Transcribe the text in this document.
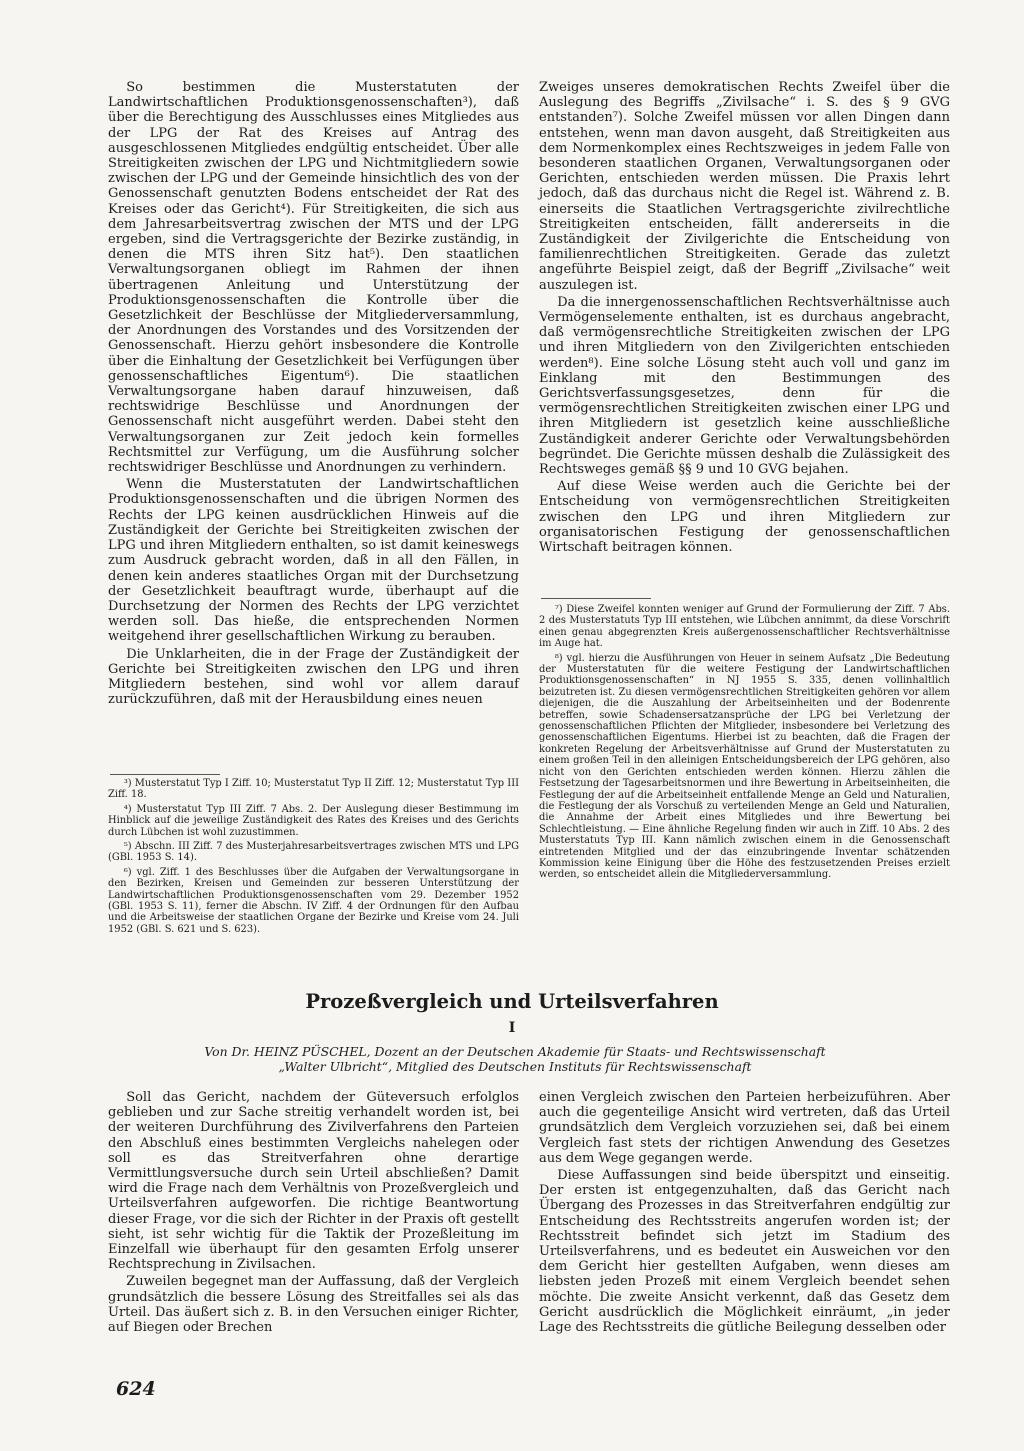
So bestimmen die Musterstatuten der Landwirtschaftlichen Produktionsgenossenschaften³), daß über die Berechtigung des Ausschlusses eines Mitgliedes aus der LPG der Rat des Kreises auf Antrag des ausgeschlossenen Mitgliedes endgültig entscheidet. Über alle Streitigkeiten zwischen der LPG und Nichtmitgliedern sowie zwischen der LPG und der Gemeinde hinsichtlich des von der Genossenschaft genutzten Bodens entscheidet der Rat des Kreises oder das Gericht⁴). Für Streitigkeiten, die sich aus dem Jahresarbeitsvertrag zwischen der MTS und der LPG ergeben, sind die Vertragsgerichte der Bezirke zuständig, in denen die MTS ihren Sitz hat⁵). Den staatlichen Verwaltungsorganen obliegt im Rahmen der ihnen übertragenen Anleitung und Unterstützung der Produktionsgenossenschaften die Kontrolle über die Gesetzlichkeit der Beschlüsse der Mitgliederversammlung, der Anordnungen des Vorstandes und des Vorsitzenden der Genossenschaft. Hierzu gehört insbesondere die Kontrolle über die Einhaltung der Gesetzlichkeit bei Verfügungen über genossenschaftliches Eigentum⁶). Die staatlichen Verwaltungsorgane haben darauf hinzuweisen, daß rechtswidrige Beschlüsse und Anordnungen der Genossenschaft nicht ausgeführt werden. Dabei steht den Verwaltungsorganen zur Zeit jedoch kein formelles Rechtsmittel zur Verfügung, um die Ausführung solcher rechtswidriger Beschlüsse und Anordnungen zu verhindern.

Wenn die Musterstatuten der Landwirtschaftlichen Produktionsgenossenschaften und die übrigen Normen des Rechts der LPG keinen ausdrücklichen Hinweis auf die Zuständigkeit der Gerichte bei Streitigkeiten zwischen der LPG und ihren Mitgliedern enthalten, so ist damit keineswegs zum Ausdruck gebracht worden, daß in all den Fällen, in denen kein anderes staatliches Organ mit der Durchsetzung der Gesetzlichkeit beauftragt wurde, überhaupt auf die Durchsetzung der Normen des Rechts der LPG verzichtet werden soll. Das hieße, die entsprechenden Normen weitgehend ihrer gesellschaftlichen Wirkung zu berauben.

Die Unklarheiten, die in der Frage der Zuständigkeit der Gerichte bei Streitigkeiten zwischen den LPG und ihren Mitgliedern bestehen, sind wohl vor allem darauf zurückzuführen, daß mit der Herausbildung eines neuen

³) Musterstatut Typ I Ziff. 10; Musterstatut Typ II Ziff. 12; Musterstatut Typ III Ziff. 18.

⁴) Musterstatut Typ III Ziff. 7 Abs. 2. Der Auslegung dieser Bestimmung im Hinblick auf die jeweilige Zuständigkeit des Rates des Kreises und des Gerichts durch Lübchen ist wohl zuzustimmen.

⁵) Abschn. III Ziff. 7 des Musterjahresarbeitsvertrages zwischen MTS und LPG (GBl. 1953 S. 14).

⁶) vgl. Ziff. 1 des Beschlusses über die Aufgaben der Verwaltungsorgane in den Bezirken, Kreisen und Gemeinden zur besseren Unterstützung der Landwirtschaftlichen Produktionsgenossenschaften vom 29. Dezember 1952 (GBl. 1953 S. 11), ferner die Abschn. IV Ziff. 4 der Ordnungen für den Aufbau und die Arbeitsweise der staatlichen Organe der Bezirke und Kreise vom 24. Juli 1952 (GBl. S. 621 und S. 623).

Zweiges unseres demokratischen Rechts Zweifel über die Auslegung des Begriffs „Zivilsache“ i. S. des § 9 GVG entstanden⁷). Solche Zweifel müssen vor allen Dingen dann entstehen, wenn man davon ausgeht, daß Streitigkeiten aus dem Normenkomplex eines Rechtszweiges in jedem Falle von besonderen staatlichen Organen, Verwaltungsorganen oder Gerichten, entschieden werden müssen. Die Praxis lehrt jedoch, daß das durchaus nicht die Regel ist. Während z. B. einerseits die Staatlichen Vertragsgerichte zivilrechtliche Streitigkeiten entscheiden, fällt andererseits in die Zuständigkeit der Zivilgerichte die Entscheidung von familienrechtlichen Streitigkeiten. Gerade das zuletzt angeführte Beispiel zeigt, daß der Begriff „Zivilsache“ weit auszulegen ist.

Da die innergenossenschaftlichen Rechtsverhältnisse auch Vermögenselemente enthalten, ist es durchaus angebracht, daß vermögensrechtliche Streitigkeiten zwischen der LPG und ihren Mitgliedern von den Zivilgerichten entschieden werden⁸). Eine solche Lösung steht auch voll und ganz im Einklang mit den Bestimmungen des Gerichtsverfassungsgesetzes, denn für die vermögensrechtlichen Streitigkeiten zwischen einer LPG und ihren Mitgliedern ist gesetzlich keine ausschließliche Zuständigkeit anderer Gerichte oder Verwaltungsbehörden begründet. Die Gerichte müssen deshalb die Zulässigkeit des Rechtsweges gemäß §§ 9 und 10 GVG bejahen.

Auf diese Weise werden auch die Gerichte bei der Entscheidung von vermögensrechtlichen Streitigkeiten zwischen den LPG und ihren Mitgliedern zur organisatorischen Festigung der genossenschaftlichen Wirtschaft beitragen können.

⁷) Diese Zweifel konnten weniger auf Grund der Formulierung der Ziff. 7 Abs. 2 des Musterstatuts Typ III entstehen, wie Lübchen annimmt, da diese Vorschrift einen genau abgegrenzten Kreis außergenossenschaftlicher Rechtsverhältnisse im Auge hat.

⁸) vgl. hierzu die Ausführungen von Heuer in seinem Aufsatz „Die Bedeutung der Musterstatuten für die weitere Festigung der Landwirtschaftlichen Produktionsgenossenschaften“ in NJ 1955 S. 335, denen vollinhaltlich beizutreten ist. Zu diesen vermögensrechtlichen Streitigkeiten gehören vor allem diejenigen, die die Auszahlung der Arbeitseinheiten und der Bodenrente betreffen, sowie Schadensersatzansprüche der LPG bei Verletzung der genossenschaftlichen Pflichten der Mitglieder, insbesondere bei Verletzung des genossenschaftlichen Eigentums. Hierbei ist zu beachten, daß die Fragen der konkreten Regelung der Arbeitsverhältnisse auf Grund der Musterstatuten zu einem großen Teil in den alleinigen Entscheidungsbereich der LPG gehören, also nicht von den Gerichten entschieden werden können. Hierzu zählen die Festsetzung der Tagesarbeitsnormen und ihre Bewertung in Arbeitseinheiten, die Festlegung der auf die Arbeitseinheit entfallende Menge an Geld und Naturalien, die Festlegung der als Vorschuß zu verteilenden Menge an Geld und Naturalien, die Annahme der Arbeit eines Mitgliedes und ihre Bewertung bei Schlechtleistung. — Eine ähnliche Regelung finden wir auch in Ziff. 10 Abs. 2 des Musterstatuts Typ III. Kann nämlich zwischen einem in die Genossenschaft eintretenden Mitglied und der das einzubringende Inventar schätzenden Kommission keine Einigung über die Höhe des festzusetzenden Preises erzielt werden, so entscheidet allein die Mitgliederversammlung.

Prozeßvergleich und Urteilsverfahren
I
Von Dr. HEINZ PÜSCHEL, Dozent an der Deutschen Akademie für Staats- und Rechtswissenschaft
„Walter Ulbricht“, Mitglied des Deutschen Instituts für Rechtswissenschaft

Soll das Gericht, nachdem der Güteversuch erfolglos geblieben und zur Sache streitig verhandelt worden ist, bei der weiteren Durchführung des Zivilverfahrens den Parteien den Abschluß eines bestimmten Vergleichs nahelegen oder soll es das Streitverfahren ohne derartige Vermittlungsversuche durch sein Urteil abschließen? Damit wird die Frage nach dem Verhältnis von Prozeßvergleich und Urteilsverfahren aufgeworfen. Die richtige Beantwortung dieser Frage, vor die sich der Richter in der Praxis oft gestellt sieht, ist sehr wichtig für die Taktik der Prozeßleitung im Einzelfall wie überhaupt für den gesamten Erfolg unserer Rechtsprechung in Zivilsachen.

Zuweilen begegnet man der Auffassung, daß der Vergleich grundsätzlich die bessere Lösung des Streitfalles sei als das Urteil. Das äußert sich z. B. in den Versuchen einiger Richter, auf Biegen oder Brechen

einen Vergleich zwischen den Parteien herbeizuführen. Aber auch die gegenteilige Ansicht wird vertreten, daß das Urteil grundsätzlich dem Vergleich vorzuziehen sei, daß bei einem Vergleich fast stets der richtigen Anwendung des Gesetzes aus dem Wege gegangen werde.

Diese Auffassungen sind beide überspitzt und einseitig. Der ersten ist entgegenzuhalten, daß das Gericht nach Übergang des Prozesses in das Streitverfahren endgültig zur Entscheidung des Rechtsstreits angerufen worden ist; der Rechtsstreit befindet sich jetzt im Stadium des Urteilsverfahrens, und es bedeutet ein Ausweichen vor den dem Gericht hier gestellten Aufgaben, wenn dieses am liebsten jeden Prozeß mit einem Vergleich beendet sehen möchte. Die zweite Ansicht verkennt, daß das Gesetz dem Gericht ausdrücklich die Möglichkeit einräumt, „in jeder Lage des Rechtsstreits die gütliche Beilegung desselben oder

624
